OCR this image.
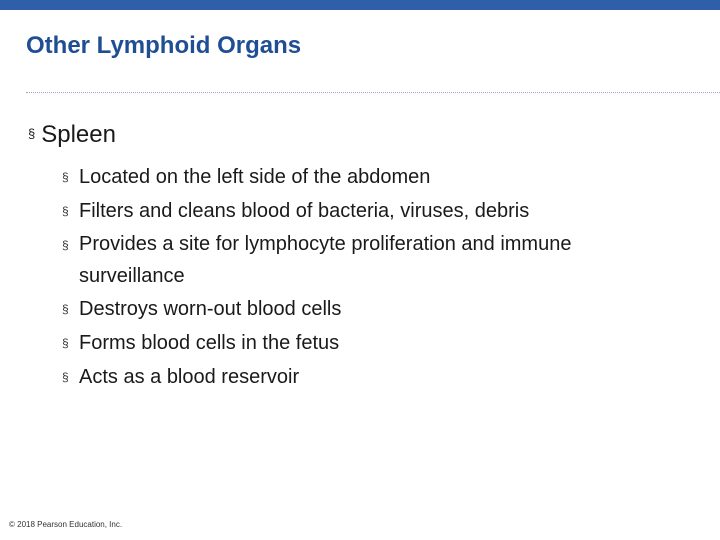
Other Lymphoid Organs
§ Spleen
§ Located on the left side of the abdomen
§ Filters and cleans blood of bacteria, viruses, debris
§ Provides a site for lymphocyte proliferation and immune surveillance
§ Destroys worn-out blood cells
§ Forms blood cells in the fetus
§ Acts as a blood reservoir
© 2018 Pearson Education, Inc.
